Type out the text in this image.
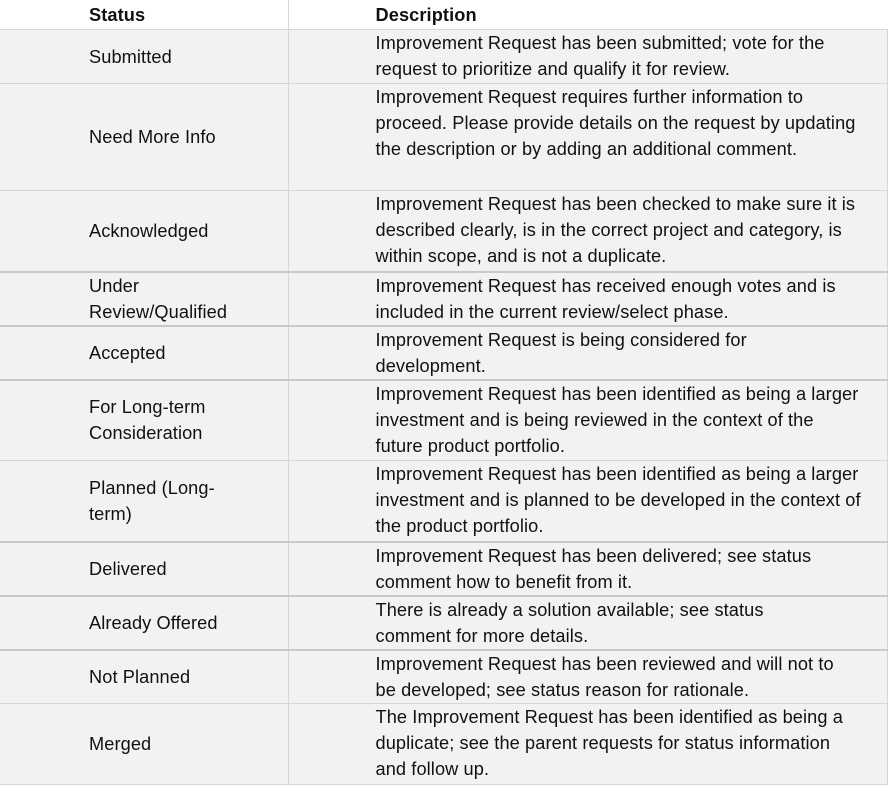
Status	Description
Submitted	Improvement Request has been submitted; vote for the request to prioritize and qualify it for review.
Need More Info	Improvement Request requires further information to proceed. Please provide details on the request by updating the description or by adding an additional comment.
Acknowledged	Improvement Request has been checked to make sure it is described clearly, is in the correct project and category, is within scope, and is not a duplicate.
Under Review/Qualified	Improvement Request has received enough votes and is included in the current review/select phase.
Accepted	Improvement Request is being considered for development.
For Long-term Consideration	Improvement Request has been identified as being a larger investment and is being reviewed in the context of the future product portfolio.
Planned (Long-term)	Improvement Request has been identified as being a larger investment and is planned to be developed in the context of the product portfolio.
Delivered	Improvement Request has been delivered; see status comment how to benefit from it.
Already Offered	There is already a solution available; see status comment for more details.
Not Planned	Improvement Request has been reviewed and will not to be developed; see status reason for rationale.
Merged	The Improvement Request has been identified as being a duplicate; see the parent requests for status information and follow up.
